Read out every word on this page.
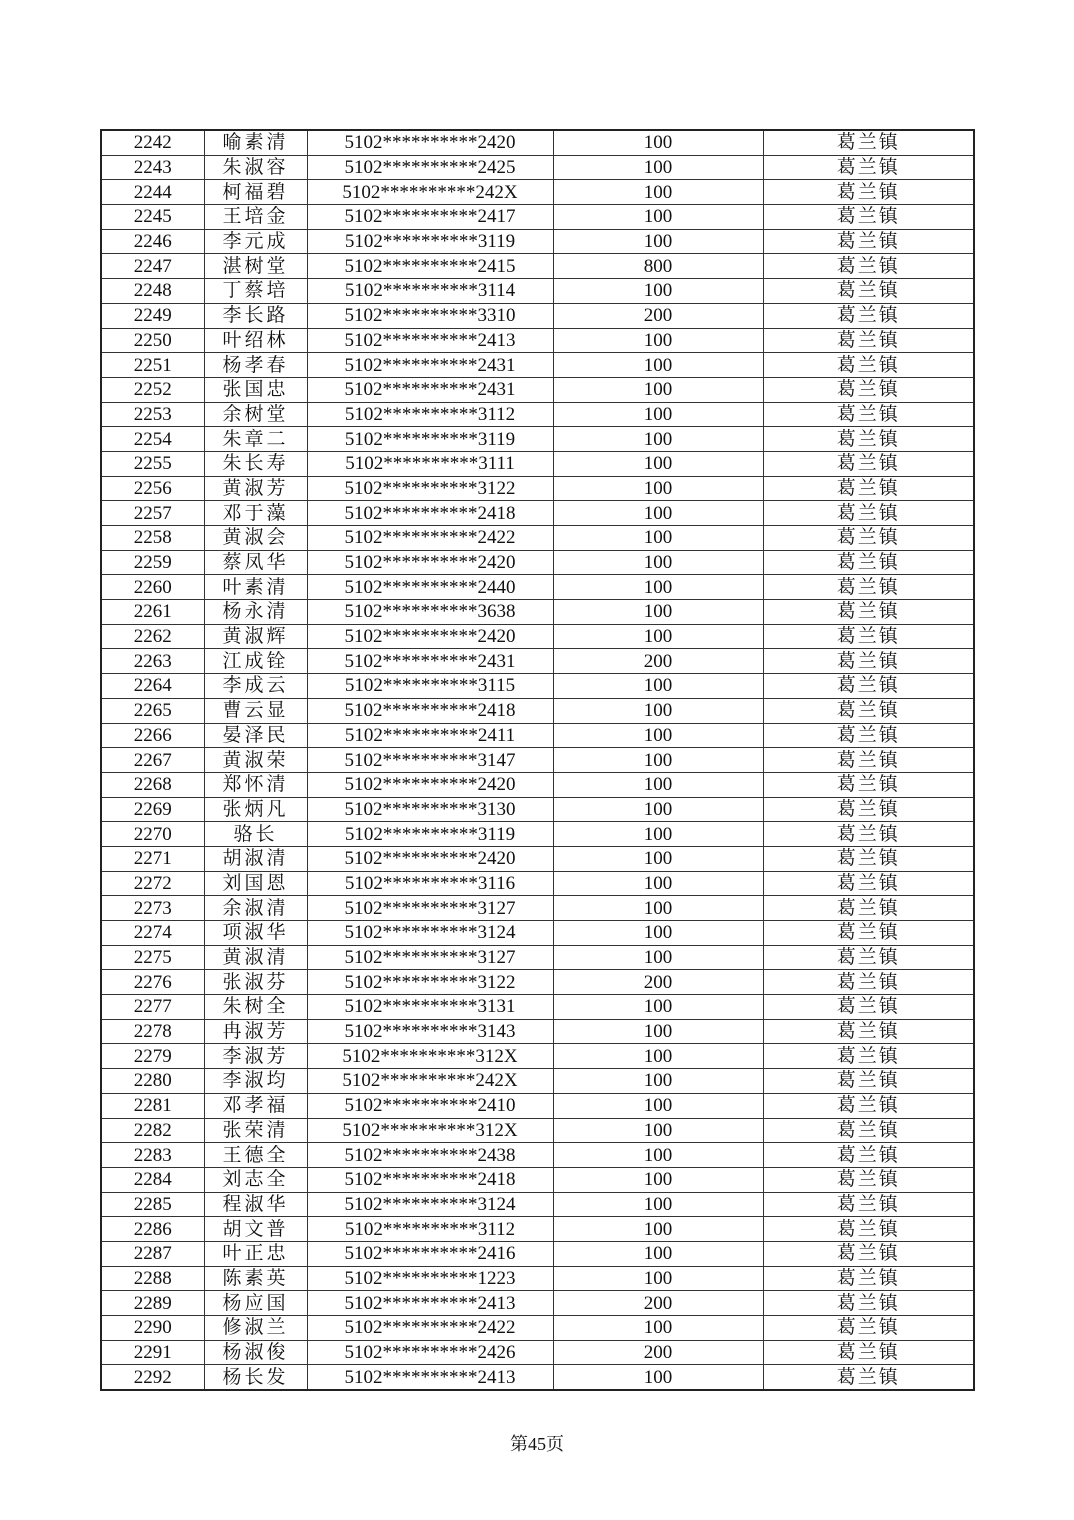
2242	喻素清	5102**********2420	100	葛兰镇
2243	朱淑容	5102**********2425	100	葛兰镇
2244	柯福碧	5102**********242X	100	葛兰镇
2245	王培金	5102**********2417	100	葛兰镇
2246	李元成	5102**********3119	100	葛兰镇
2247	湛树堂	5102**********2415	800	葛兰镇
2248	丁蔡培	5102**********3114	100	葛兰镇
2249	李长路	5102**********3310	200	葛兰镇
2250	叶绍林	5102**********2413	100	葛兰镇
2251	杨孝春	5102**********2431	100	葛兰镇
2252	张国忠	5102**********2431	100	葛兰镇
2253	余树堂	5102**********3112	100	葛兰镇
2254	朱章二	5102**********3119	100	葛兰镇
2255	朱长寿	5102**********3111	100	葛兰镇
2256	黄淑芳	5102**********3122	100	葛兰镇
2257	邓于藻	5102**********2418	100	葛兰镇
2258	黄淑会	5102**********2422	100	葛兰镇
2259	蔡凤华	5102**********2420	100	葛兰镇
2260	叶素清	5102**********2440	100	葛兰镇
2261	杨永清	5102**********3638	100	葛兰镇
2262	黄淑辉	5102**********2420	100	葛兰镇
2263	江成铨	5102**********2431	200	葛兰镇
2264	李成云	5102**********3115	100	葛兰镇
2265	曹云显	5102**********2418	100	葛兰镇
2266	晏泽民	5102**********2411	100	葛兰镇
2267	黄淑荣	5102**********3147	100	葛兰镇
2268	郑怀清	5102**********2420	100	葛兰镇
2269	张炳凡	5102**********3130	100	葛兰镇
2270	骆长	5102**********3119	100	葛兰镇
2271	胡淑清	5102**********2420	100	葛兰镇
2272	刘国恩	5102**********3116	100	葛兰镇
2273	余淑清	5102**********3127	100	葛兰镇
2274	项淑华	5102**********3124	100	葛兰镇
2275	黄淑清	5102**********3127	100	葛兰镇
2276	张淑芬	5102**********3122	200	葛兰镇
2277	朱树全	5102**********3131	100	葛兰镇
2278	冉淑芳	5102**********3143	100	葛兰镇
2279	李淑芳	5102**********312X	100	葛兰镇
2280	李淑均	5102**********242X	100	葛兰镇
2281	邓孝福	5102**********2410	100	葛兰镇
2282	张荣清	5102**********312X	100	葛兰镇
2283	王德全	5102**********2438	100	葛兰镇
2284	刘志全	5102**********2418	100	葛兰镇
2285	程淑华	5102**********3124	100	葛兰镇
2286	胡文普	5102**********3112	100	葛兰镇
2287	叶正忠	5102**********2416	100	葛兰镇
2288	陈素英	5102**********1223	100	葛兰镇
2289	杨应国	5102**********2413	200	葛兰镇
2290	修淑兰	5102**********2422	100	葛兰镇
2291	杨淑俊	5102**********2426	200	葛兰镇
2292	杨长发	5102**********2413	100	葛兰镇
第45页
